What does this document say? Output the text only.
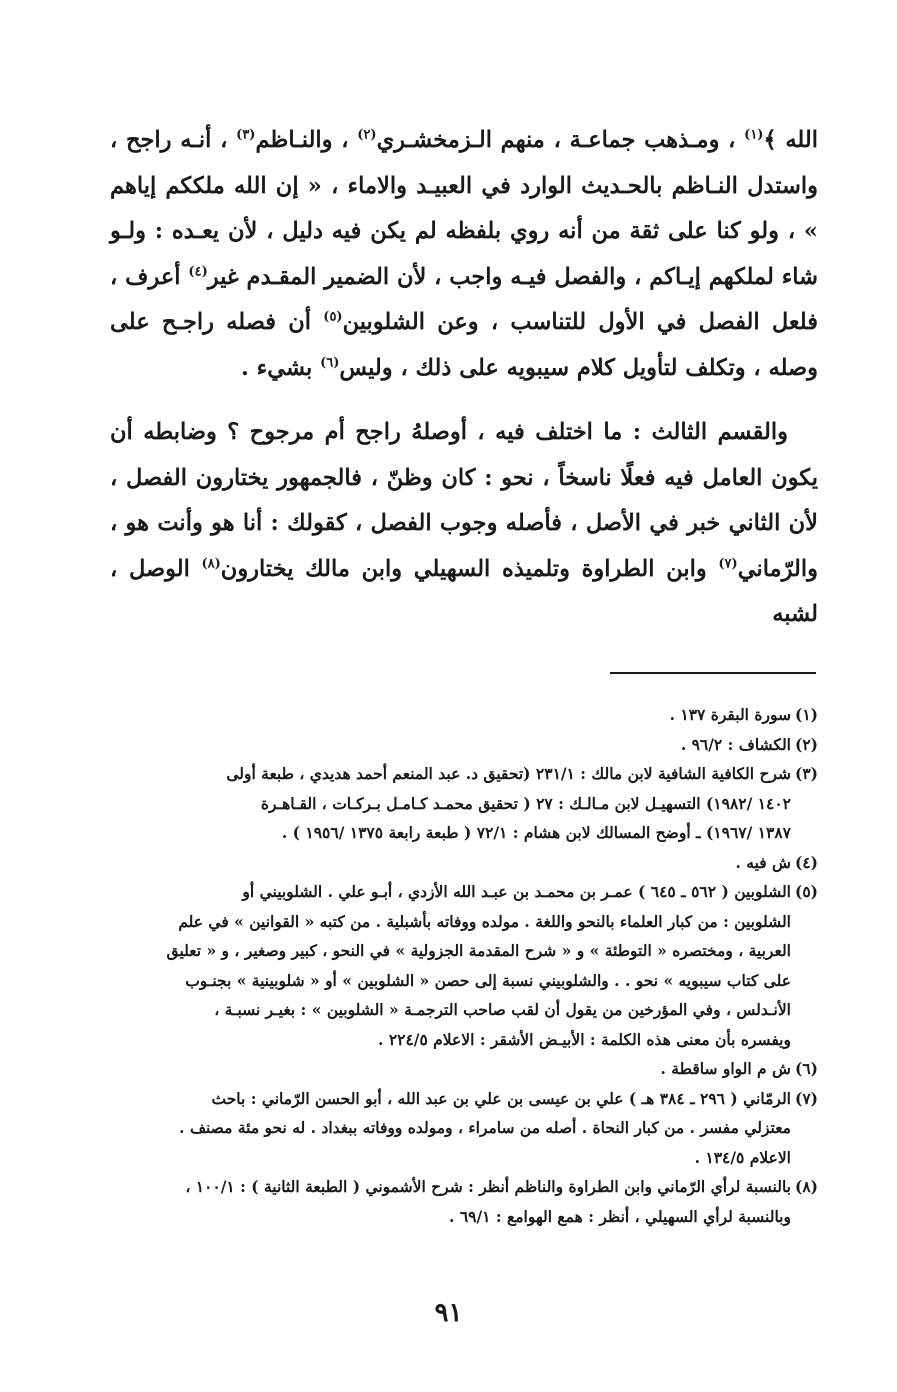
الله ﴾$^{(١)}$ ، ومـذهب جماعـة ، منهم الـزمخشـري$^{(٢)}$ ، والنـاظم$^{(٣)}$ ، أنـه راجح ، واستدل النـاظم بالحـديث الوارد في العبيـد والاماء ، « إن الله ملككم إياهم » ، ولو كنا على ثقة من أنه روي بلفظه لم يكن فيه دليل ، لأن يعـده : ولـو شاء لملكهم إيـاكم ، والفصل فيـه واجب ، لأن الضمير المقـدم غير$^{(٤)}$ أعرف ، فلعل الفصل في الأول للتناسب ، وعن الشلوبين$^{(٥)}$ أن فصله راجـح على وصله ، وتكلف لتأويل كلام سيبويه على ذلك ، وليس$^{(٦)}$ بشيء .

والقسم الثالث : ما اختلف فيه ، أوصلهُ راجح أم مرجوح ؟ وضابطه أن يكون العامل فيه فعلًا ناسخاً ، نحو : كان وظنّ ، فالجمهور يختارون الفصل ، لأن الثاني خبر في الأصل ، فأصله وجوب الفصل ، كقولك : أنا هو وأنت هو ، والرّماني$^{(٧)}$ وابن الطراوة وتلميذه السهيلي وابن مالك يختارون$^{(٨)}$ الوصل ، لشبه

(١)
سورة البقرة ١٣٧ .
(٢)
الكشاف : ٩٦/٢ .
(٣)
شرح الكافية الشافية لابن مالك : ٢٣١/١ (تحقيق د. عبد المنعم أحمد هديدي ، طبعة أولى
١٤٠٢ /١٩٨٢) التسهيـل لابن مـالـك : ٢٧ ( تحقيق محمـد كـامـل بـركـات ، القـاهـرة
١٣٨٧ /١٩٦٧) ـ أوضح المسالك لابن هشام : ٧٢/١ ( طبعة رابعة ١٣٧٥ /١٩٥٦ ) .
(٤)
ش فيه .
(٥)
الشلوبين ( ٥٦٢ ـ ٦٤٥ ) عمـر بن محمـد بن عبـد الله الأزدي ، أبـو علي . الشلوبيني أو
الشلوبين : من كبار العلماء بالنحو واللغة . مولده ووفاته بأشبلية . من كتبه « القوانين » في علم
العربية ، ومختصره « التوطئة » و « شرح المقدمة الجزولية » في النحو ، كبير وصغير ، و « تعليق
على كتاب سيبويه » نحو . . والشلوبيني نسبة إلى حصن « الشلوبين » أو « شلوبينية » بجنـوب
الأنـدلس ، وفي المؤرخين من يقول أن لقب صاحب الترجمـة « الشلوبين » : بغيـر نسبـة ،
ويفسره بأن معنى هذه الكلمة : الأبيـض الأشقر : الاعلام ٢٢٤/٥ .
(٦)
ش م الواو ساقطة .
(٧)
الرمّاني ( ٢٩٦ ـ ٣٨٤ هـ ) علي بن عيسى بن علي بن عبد الله ، أبو الحسن الرّماني : باحث
معتزلي مفسر . من كبار النحاة . أصله من سامراء ، ومولده ووفاته ببغداد . له نحو مئة مصنف .
الاعلام ١٣٤/٥ .
(٨)
بالنسبة لرأي الرّماني وابن الطراوة والناظم أنظر : شرح الأشموني ( الطبعة الثانية ) : ١٠٠/١ ،
وبالنسبة لرأي السهيلي ، أنظر : همع الهوامع : ٦٩/١ .
٩١
